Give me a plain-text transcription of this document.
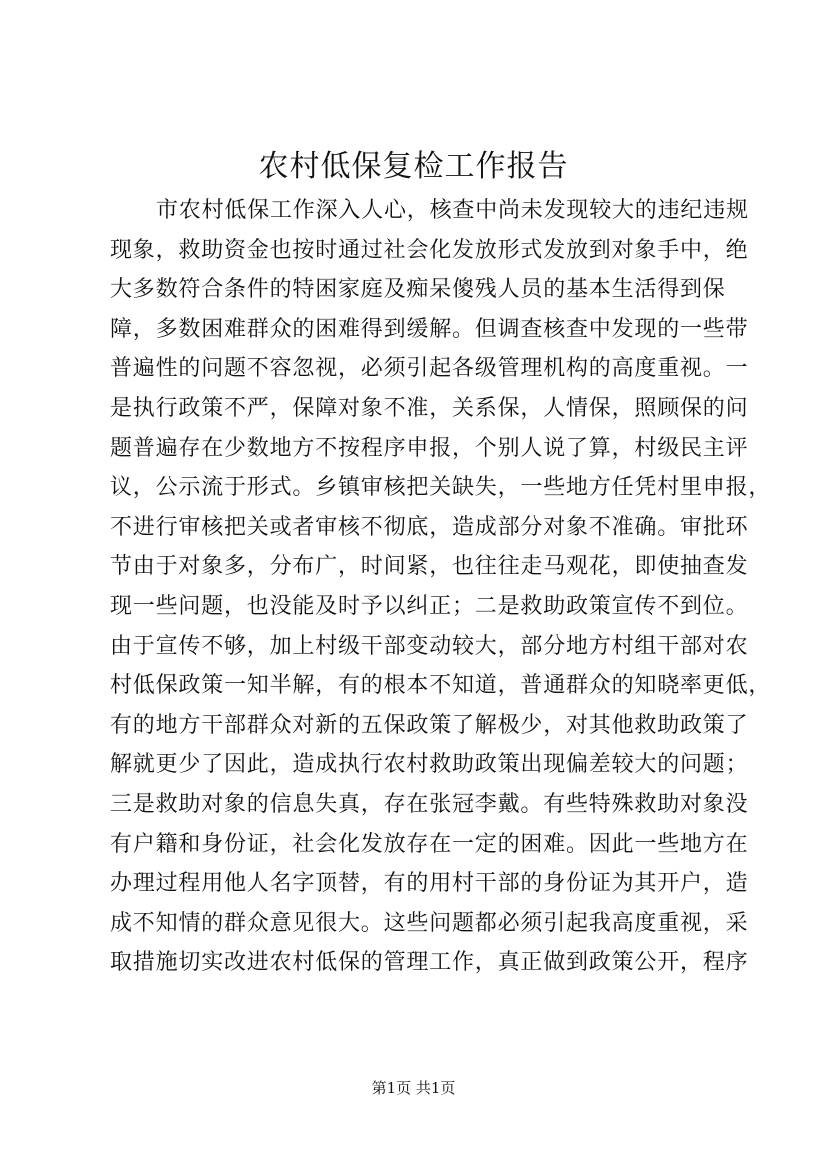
农村低保复检工作报告
市农村低保工作深入人心，核查中尚未发现较大的违纪违规
现象，救助资金也按时通过社会化发放形式发放到对象手中，绝
大多数符合条件的特困家庭及痴呆傻残人员的基本生活得到保
障，多数困难群众的困难得到缓解。但调查核查中发现的一些带
普遍性的问题不容忽视，必须引起各级管理机构的高度重视。一
是执行政策不严，保障对象不准，关系保，人情保，照顾保的问
题普遍存在少数地方不按程序申报，个别人说了算，村级民主评
议，公示流于形式。乡镇审核把关缺失，一些地方任凭村里申报，
不进行审核把关或者审核不彻底，造成部分对象不准确。审批环
节由于对象多，分布广，时间紧，也往往走马观花，即使抽查发
现一些问题，也没能及时予以纠正；二是救助政策宣传不到位。
由于宣传不够，加上村级干部变动较大，部分地方村组干部对农
村低保政策一知半解，有的根本不知道，普通群众的知晓率更低，
有的地方干部群众对新的五保政策了解极少，对其他救助政策了
解就更少了因此，造成执行农村救助政策出现偏差较大的问题；
三是救助对象的信息失真，存在张冠李戴。有些特殊救助对象没
有户籍和身份证，社会化发放存在一定的困难。因此一些地方在
办理过程用他人名字顶替，有的用村干部的身份证为其开户，造
成不知情的群众意见很大。这些问题都必须引起我高度重视，采
取措施切实改进农村低保的管理工作，真正做到政策公开，程序
第1页 共1页
